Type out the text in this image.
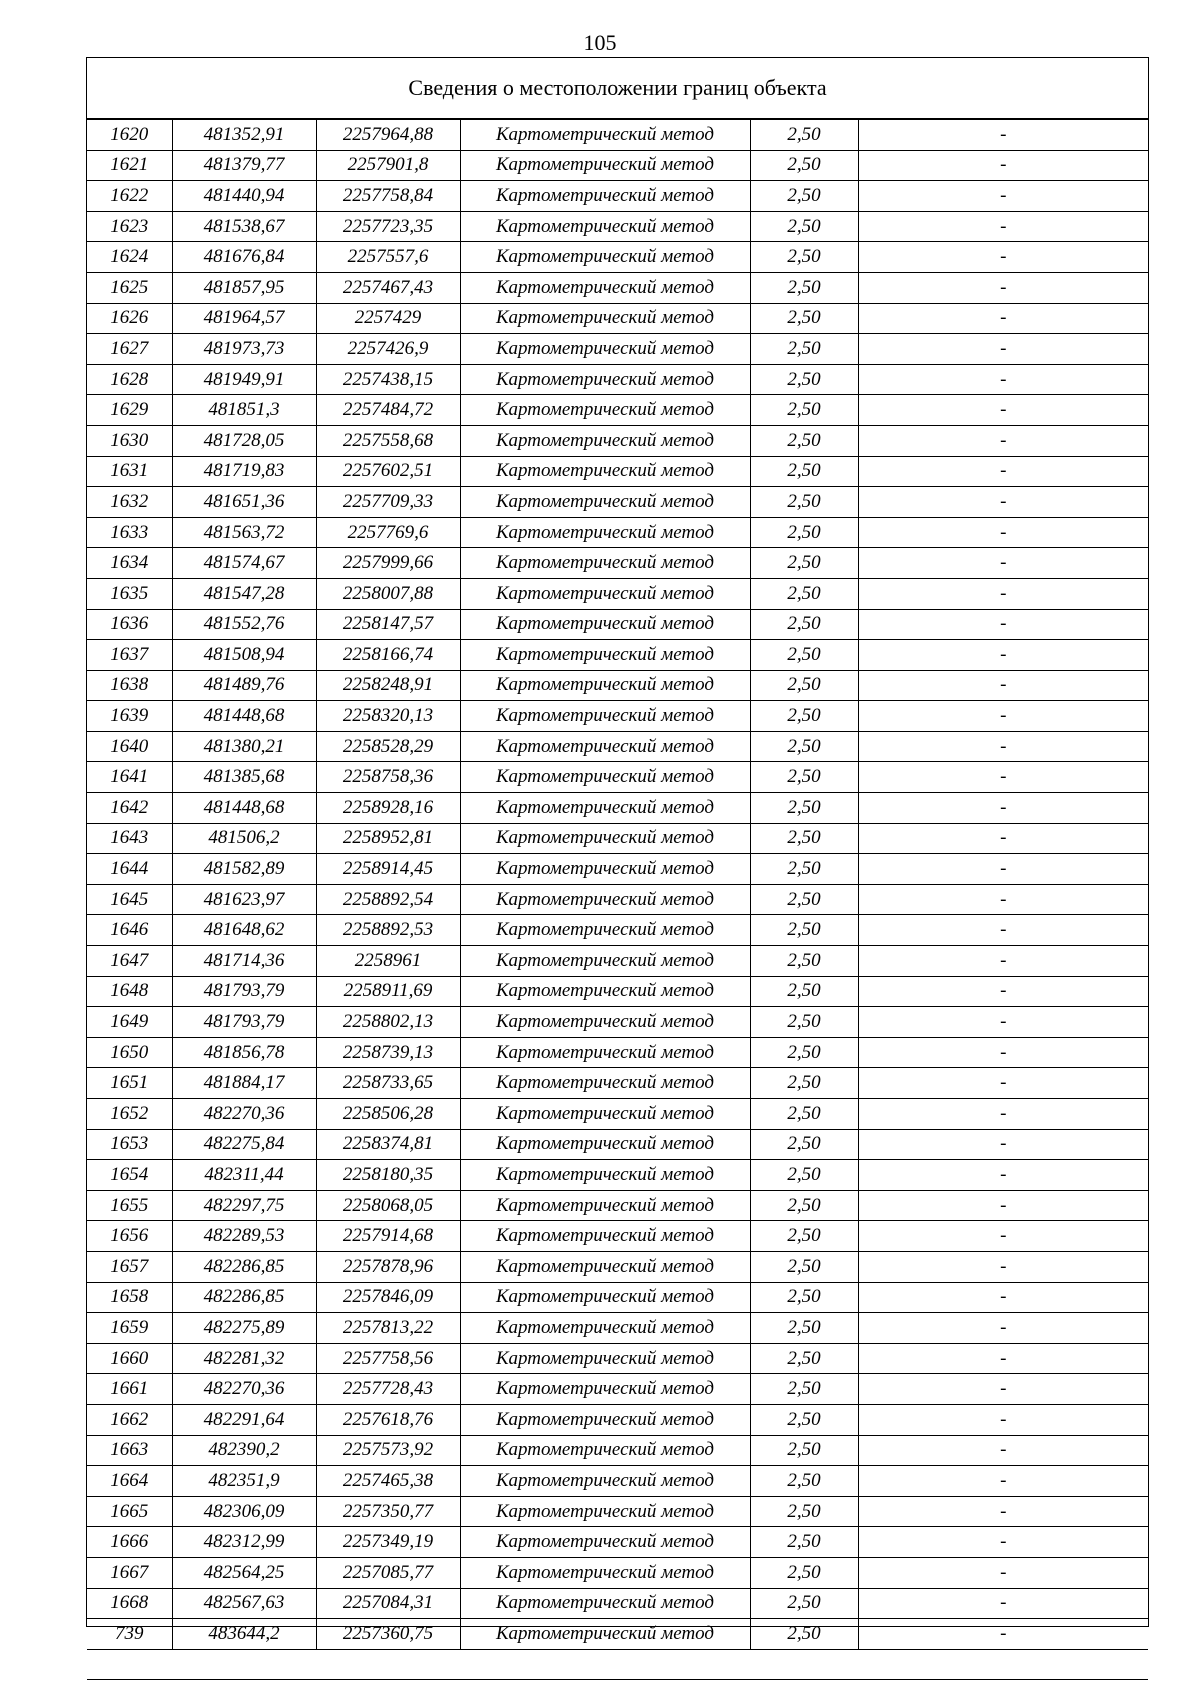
105
Сведения о местоположении границ объекта
1620	481352,91	2257964,88	Картометрический метод	2,50	-
1621	481379,77	2257901,8	Картометрический метод	2,50	-
1622	481440,94	2257758,84	Картометрический метод	2,50	-
1623	481538,67	2257723,35	Картометрический метод	2,50	-
1624	481676,84	2257557,6	Картометрический метод	2,50	-
1625	481857,95	2257467,43	Картометрический метод	2,50	-
1626	481964,57	2257429	Картометрический метод	2,50	-
1627	481973,73	2257426,9	Картометрический метод	2,50	-
1628	481949,91	2257438,15	Картометрический метод	2,50	-
1629	481851,3	2257484,72	Картометрический метод	2,50	-
1630	481728,05	2257558,68	Картометрический метод	2,50	-
1631	481719,83	2257602,51	Картометрический метод	2,50	-
1632	481651,36	2257709,33	Картометрический метод	2,50	-
1633	481563,72	2257769,6	Картометрический метод	2,50	-
1634	481574,67	2257999,66	Картометрический метод	2,50	-
1635	481547,28	2258007,88	Картометрический метод	2,50	-
1636	481552,76	2258147,57	Картометрический метод	2,50	-
1637	481508,94	2258166,74	Картометрический метод	2,50	-
1638	481489,76	2258248,91	Картометрический метод	2,50	-
1639	481448,68	2258320,13	Картометрический метод	2,50	-
1640	481380,21	2258528,29	Картометрический метод	2,50	-
1641	481385,68	2258758,36	Картометрический метод	2,50	-
1642	481448,68	2258928,16	Картометрический метод	2,50	-
1643	481506,2	2258952,81	Картометрический метод	2,50	-
1644	481582,89	2258914,45	Картометрический метод	2,50	-
1645	481623,97	2258892,54	Картометрический метод	2,50	-
1646	481648,62	2258892,53	Картометрический метод	2,50	-
1647	481714,36	2258961	Картометрический метод	2,50	-
1648	481793,79	2258911,69	Картометрический метод	2,50	-
1649	481793,79	2258802,13	Картометрический метод	2,50	-
1650	481856,78	2258739,13	Картометрический метод	2,50	-
1651	481884,17	2258733,65	Картометрический метод	2,50	-
1652	482270,36	2258506,28	Картометрический метод	2,50	-
1653	482275,84	2258374,81	Картометрический метод	2,50	-
1654	482311,44	2258180,35	Картометрический метод	2,50	-
1655	482297,75	2258068,05	Картометрический метод	2,50	-
1656	482289,53	2257914,68	Картометрический метод	2,50	-
1657	482286,85	2257878,96	Картометрический метод	2,50	-
1658	482286,85	2257846,09	Картометрический метод	2,50	-
1659	482275,89	2257813,22	Картометрический метод	2,50	-
1660	482281,32	2257758,56	Картометрический метод	2,50	-
1661	482270,36	2257728,43	Картометрический метод	2,50	-
1662	482291,64	2257618,76	Картометрический метод	2,50	-
1663	482390,2	2257573,92	Картометрический метод	2,50	-
1664	482351,9	2257465,38	Картометрический метод	2,50	-
1665	482306,09	2257350,77	Картометрический метод	2,50	-
1666	482312,99	2257349,19	Картометрический метод	2,50	-
1667	482564,25	2257085,77	Картометрический метод	2,50	-
1668	482567,63	2257084,31	Картометрический метод	2,50	-
739	483644,2	2257360,75	Картометрический метод	2,50	-
